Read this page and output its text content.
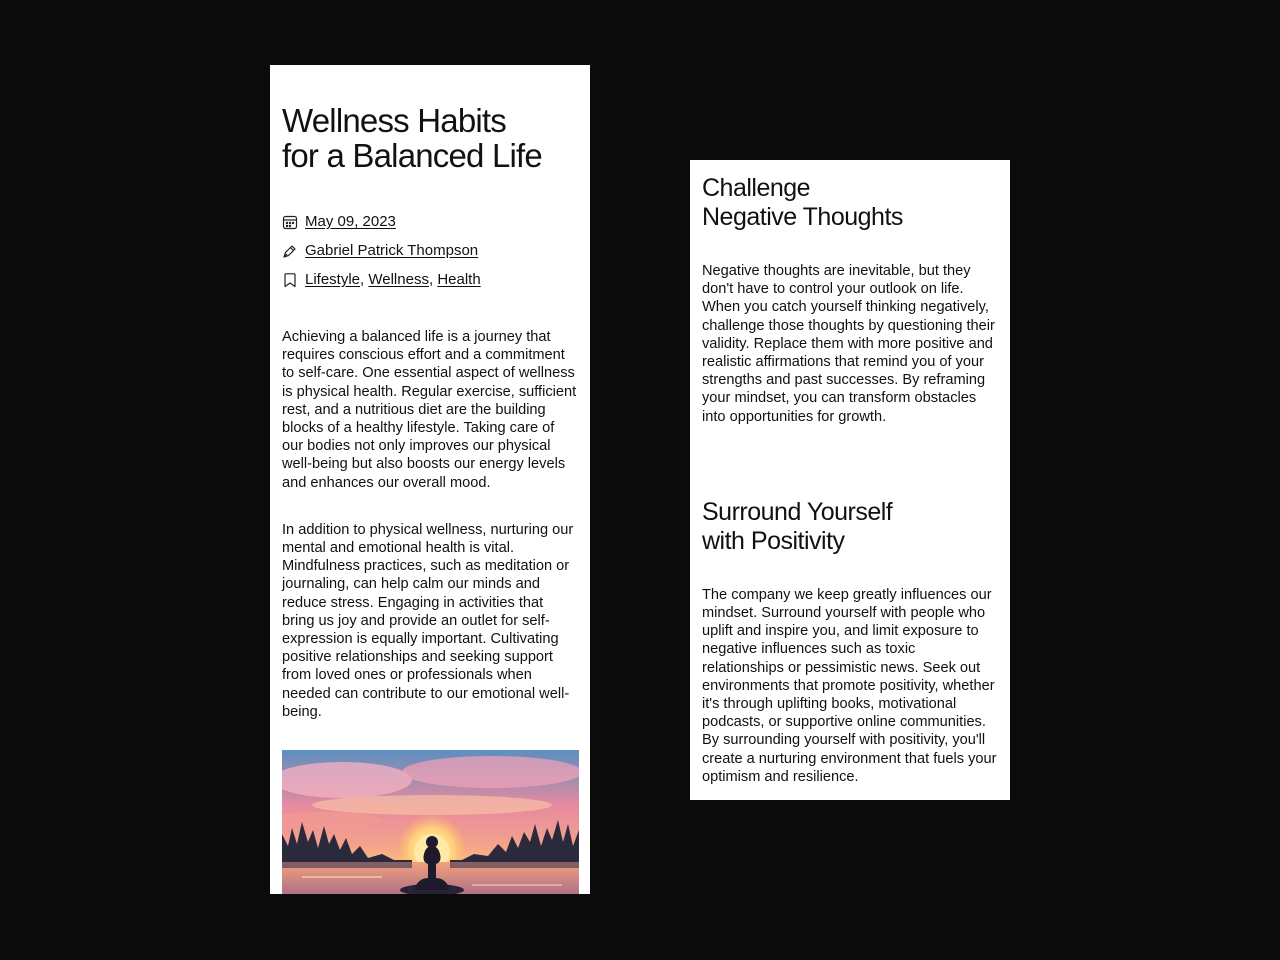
Wellness Habits
for a Balanced Life
May 09, 2023
Gabriel Patrick Thompson
Lifestyle, Wellness, Health

Achieving a balanced life is a journey that requires conscious effort and a commitment to self-care. One essential aspect of wellness is physical health. Regular exercise, sufficient rest, and a nutritious diet are the building blocks of a healthy lifestyle. Taking care of our bodies not only improves our physical well-being but also boosts our energy levels and enhances our overall mood.

In addition to physical wellness, nurturing our mental and emotional health is vital. Mindfulness practices, such as meditation or journaling, can help calm our minds and reduce stress. Engaging in activities that bring us joy and provide an outlet for self-expression is equally important. Cultivating positive relationships and seeking support from loved ones or professionals when needed can contribute to our emotional well-being.

Challenge
Negative Thoughts

Negative thoughts are inevitable, but they don't have to control your outlook on life. When you catch yourself thinking negatively, challenge those thoughts by questioning their validity. Replace them with more positive and realistic affirmations that remind you of your strengths and past successes. By reframing your mindset, you can transform obstacles into opportunities for growth.

Surround Yourself
with Positivity

The company we keep greatly influences our mindset. Surround yourself with people who uplift and inspire you, and limit exposure to negative influences such as toxic relationships or pessimistic news. Seek out environments that promote positivity, whether it's through uplifting books, motivational podcasts, or supportive online communities. By surrounding yourself with positivity, you'll create a nurturing environment that fuels your optimism and resilience.
